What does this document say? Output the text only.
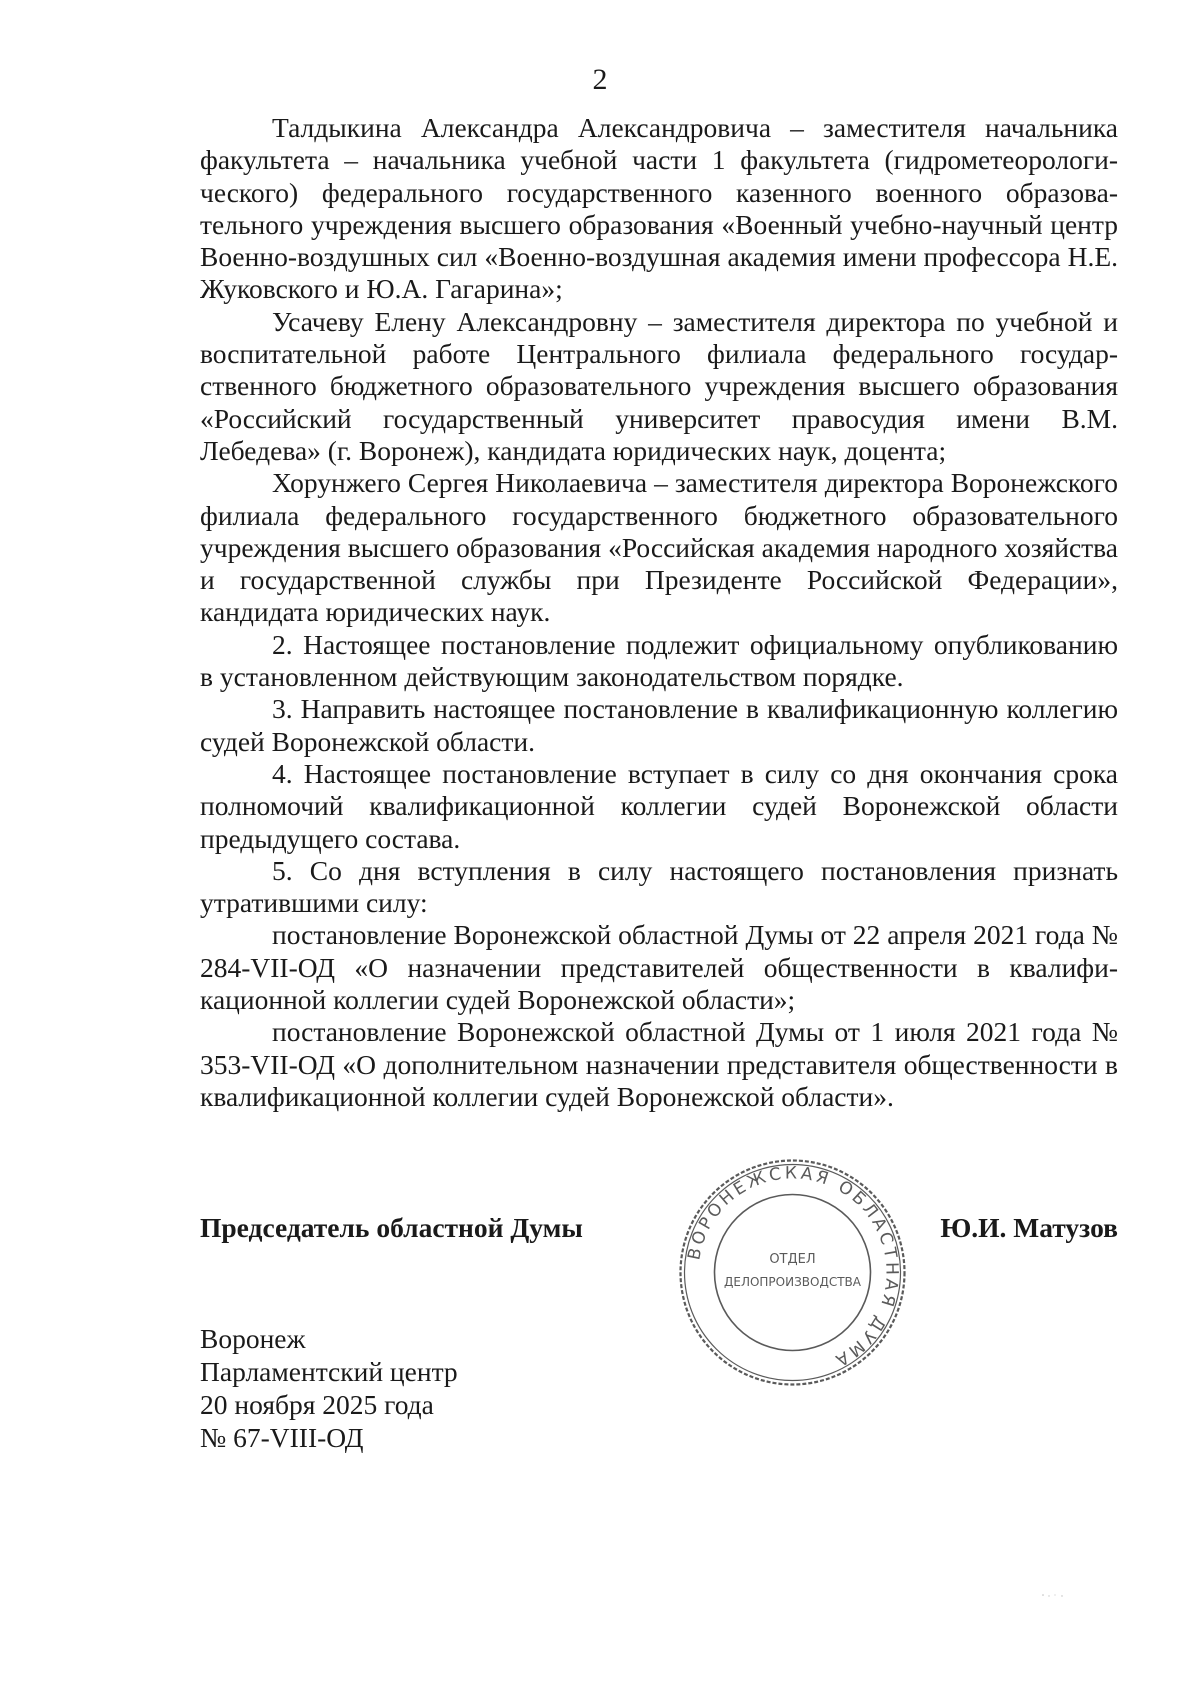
2

Талдыкина Александра Александровича – заместителя начальника факультета – начальника учебной части 1 факультета (гидрометеорологического) федерального государственного казенного военного образовательного учреждения высшего образования «Военный учебно-научный центр Военно-воздушных сил «Военно-воздушная академия имени профессора Н.Е. Жуковского и Ю.А. Гагарина»;

Усачеву Елену Александровну – заместителя директора по учебной и воспитательной работе Центрального филиала федерального государственного бюджетного образовательного учреждения высшего образования «Российский государственный университет правосудия имени В.М. Лебедева» (г. Воронеж), кандидата юридических наук, доцента;

Хорунжего Сергея Николаевича – заместителя директора Воронежского филиала федерального государственного бюджетного образовательного учреждения высшего образования «Российская академия народного хозяйства и государственной службы при Президенте Российской Федерации», кандидата юридических наук.

2. Настоящее постановление подлежит официальному опубликованию в установленном действующим законодательством порядке.

3. Направить настоящее постановление в квалификационную коллегию судей Воронежской области.

4. Настоящее постановление вступает в силу со дня окончания срока полномочий квалификационной коллегии судей Воронежской области предыдущего состава.

5. Со дня вступления в силу настоящего постановления признать утратившими силу:

постановление Воронежской областной Думы от 22 апреля 2021 года № 284-VII-ОД «О назначении представителей общественности в квалификационной коллегии судей Воронежской области»;

постановление Воронежской областной Думы от 1 июля 2021 года № 353-VII-ОД «О дополнительном назначении представителя общественности в квалификационной коллегии судей Воронежской области».

Председатель областной Думы	Ю.И. Матузов
ВОРОНЕЖСКАЯ ОБЛАСТНАЯ ДУМА
ОТДЕЛ
ДЕЛОПРОИЗВОДСТВА
Воронеж
Парламентский центр
20 ноября 2025 года
№ 67-VIII-ОД
